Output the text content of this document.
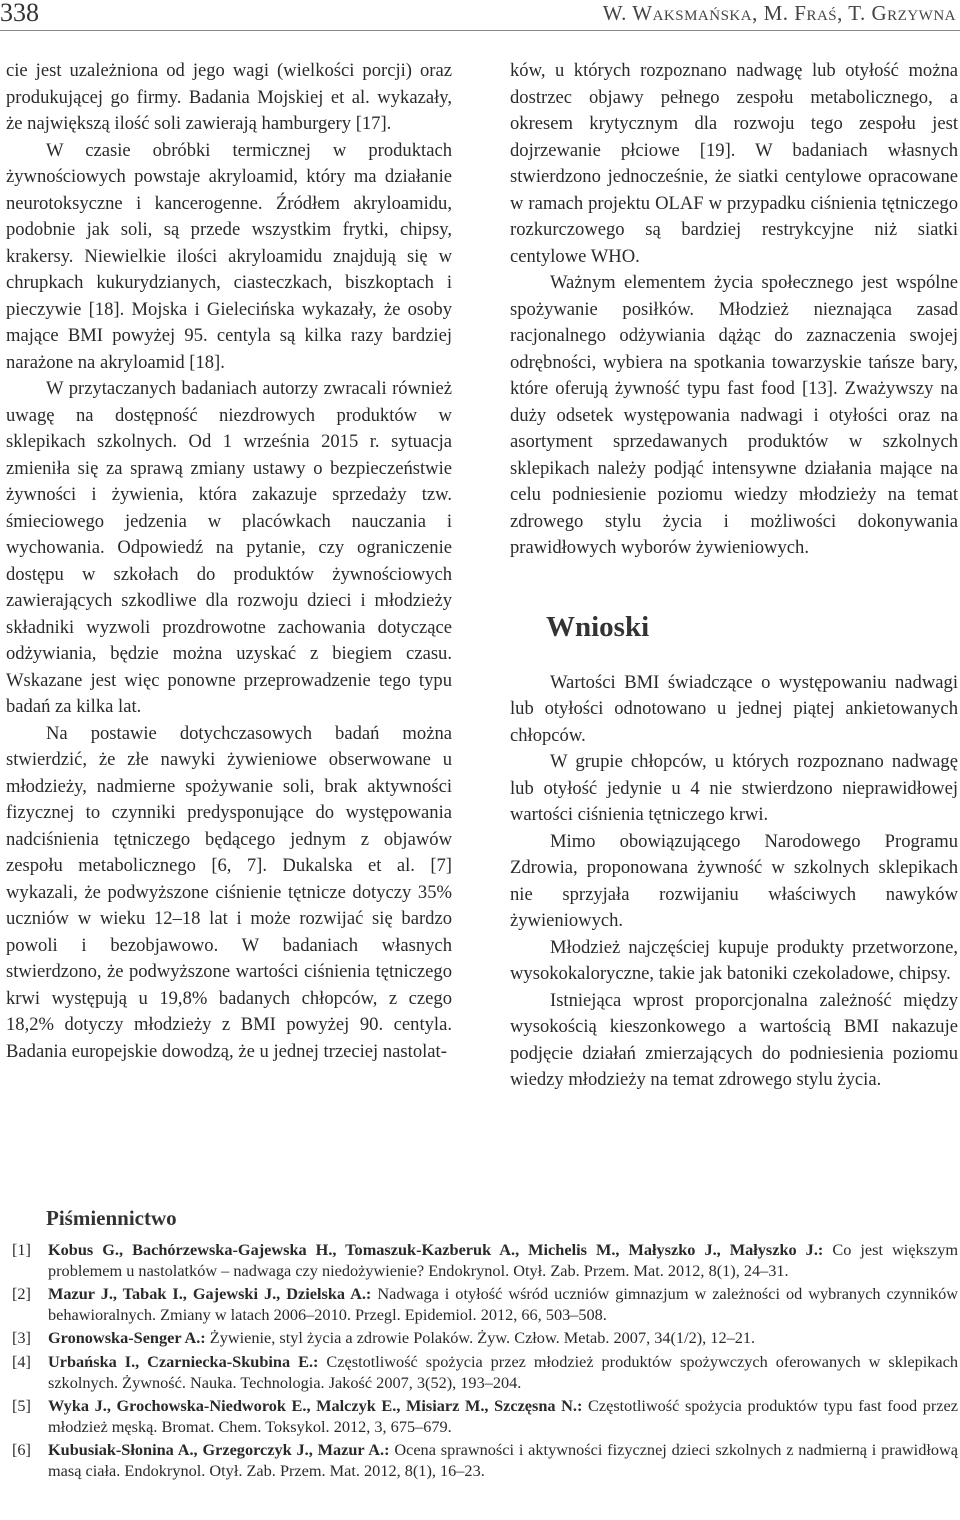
338	W. Waksmańska, M. Fraś, T. Grzywna

cie jest uzależniona od jego wagi (wielkości porcji) oraz produkującej go firmy. Badania Mojskiej et al. wykazały, że największą ilość soli zawierają hamburgery [17].

W czasie obróbki termicznej w produktach żywnościowych powstaje akryloamid, który ma działanie neurotoksyczne i kancerogenne. Źródłem akryloamidu, podobnie jak soli, są przede wszystkim frytki, chipsy, krakersy. Niewielkie ilości akryloamidu znajdują się w chrupkach kukurydzianych, ciasteczkach, biszkoptach i pieczywie [18]. Mojska i Gielecińska wykazały, że osoby mające BMI powyżej 95. centyla są kilka razy bardziej narażone na akryloamid [18].

W przytaczanych badaniach autorzy zwracali również uwagę na dostępność niezdrowych produktów w sklepikach szkolnych. Od 1 września 2015 r. sytuacja zmieniła się za sprawą zmiany ustawy o bezpieczeństwie żywności i żywienia, która zakazuje sprzedaży tzw. śmieciowego jedzenia w placówkach nauczania i wychowania. Odpowiedź na pytanie, czy ograniczenie dostępu w szkołach do produktów żywnościowych zawierających szkodliwe dla rozwoju dzieci i młodzieży składniki wyzwoli prozdrowotne zachowania dotyczące odżywiania, będzie można uzyskać z biegiem czasu. Wskazane jest więc ponowne przeprowadzenie tego typu badań za kilka lat.

Na postawie dotychczasowych badań można stwierdzić, że złe nawyki żywieniowe obserwowane u młodzieży, nadmierne spożywanie soli, brak aktywności fizycznej to czynniki predysponujące do występowania nadciśnienia tętniczego będącego jednym z objawów zespołu metabolicznego [6, 7]. Dukalska et al. [7] wykazali, że podwyższone ciśnienie tętnicze dotyczy 35% uczniów w wieku 12–18 lat i może rozwijać się bardzo powoli i bezobjawowo. W badaniach własnych stwierdzono, że podwyższone wartości ciśnienia tętniczego krwi występują u 19,8% badanych chłopców, z czego 18,2% dotyczy młodzieży z BMI powyżej 90. centyla. Badania europejskie dowodzą, że u jednej trzeciej nastolat-

ków, u których rozpoznano nadwagę lub otyłość można dostrzec objawy pełnego zespołu metabolicznego, a okresem krytycznym dla rozwoju tego zespołu jest dojrzewanie płciowe [19]. W badaniach własnych stwierdzono jednocześnie, że siatki centylowe opracowane w ramach projektu OLAF w przypadku ciśnienia tętniczego rozkurczowego są bardziej restrykcyjne niż siatki centylowe WHO.

Ważnym elementem życia społecznego jest wspólne spożywanie posiłków. Młodzież nieznająca zasad racjonalnego odżywiania dążąc do zaznaczenia swojej odrębności, wybiera na spotkania towarzyskie tańsze bary, które oferują żywność typu fast food [13]. Zważywszy na duży odsetek występowania nadwagi i otyłości oraz na asortyment sprzedawanych produktów w szkolnych sklepikach należy podjąć intensywne działania mające na celu podniesienie poziomu wiedzy młodzieży na temat zdrowego stylu życia i możliwości dokonywania prawidłowych wyborów żywieniowych.

Wnioski

Wartości BMI świadczące o występowaniu nadwagi lub otyłości odnotowano u jednej piątej ankietowanych chłopców.

W grupie chłopców, u których rozpoznano nadwagę lub otyłość jedynie u 4 nie stwierdzono nieprawidłowej wartości ciśnienia tętniczego krwi.

Mimo obowiązującego Narodowego Programu Zdrowia, proponowana żywność w szkolnych sklepikach nie sprzyjała rozwijaniu właściwych nawyków żywieniowych.

Młodzież najczęściej kupuje produkty przetworzone, wysokokaloryczne, takie jak batoniki czekoladowe, chipsy.

Istniejąca wprost proporcjonalna zależność między wysokością kieszonkowego a wartością BMI nakazuje podjęcie działań zmierzających do podniesienia poziomu wiedzy młodzieży na temat zdrowego stylu życia.

Piśmiennictwo
[1] Kobus G., Bachórzewska-Gajewska H., Tomaszuk-Kazberuk A., Michelis M., Małyszko J., Małyszko J.: Co jest większym problemem u nastolatków – nadwaga czy niedożywienie? Endokrynol. Otył. Zab. Przem. Mat. 2012, 8(1), 24–31.
[2] Mazur J., Tabak I., Gajewski J., Dzielska A.: Nadwaga i otyłość wśród uczniów gimnazjum w zależności od wybranych czynników behawioralnych. Zmiany w latach 2006–2010. Przegl. Epidemiol. 2012, 66, 503–508.
[3] Gronowska-Senger A.: Żywienie, styl życia a zdrowie Polaków. Żyw. Człow. Metab. 2007, 34(1/2), 12–21.
[4] Urbańska I., Czarniecka-Skubina E.: Częstotliwość spożycia przez młodzież produktów spożywczych oferowanych w sklepikach szkolnych. Żywność. Nauka. Technologia. Jakość 2007, 3(52), 193–204.
[5] Wyka J., Grochowska-Niedworok E., Malczyk E., Misiarz M., Szczęsna N.: Częstotliwość spożycia produktów typu fast food przez młodzież męską. Bromat. Chem. Toksykol. 2012, 3, 675–679.
[6] Kubusiak-Słonina A., Grzegorczyk J., Mazur A.: Ocena sprawności i aktywności fizycznej dzieci szkolnych z nadmierną i prawidłową masą ciała. Endokrynol. Otył. Zab. Przem. Mat. 2012, 8(1), 16–23.
